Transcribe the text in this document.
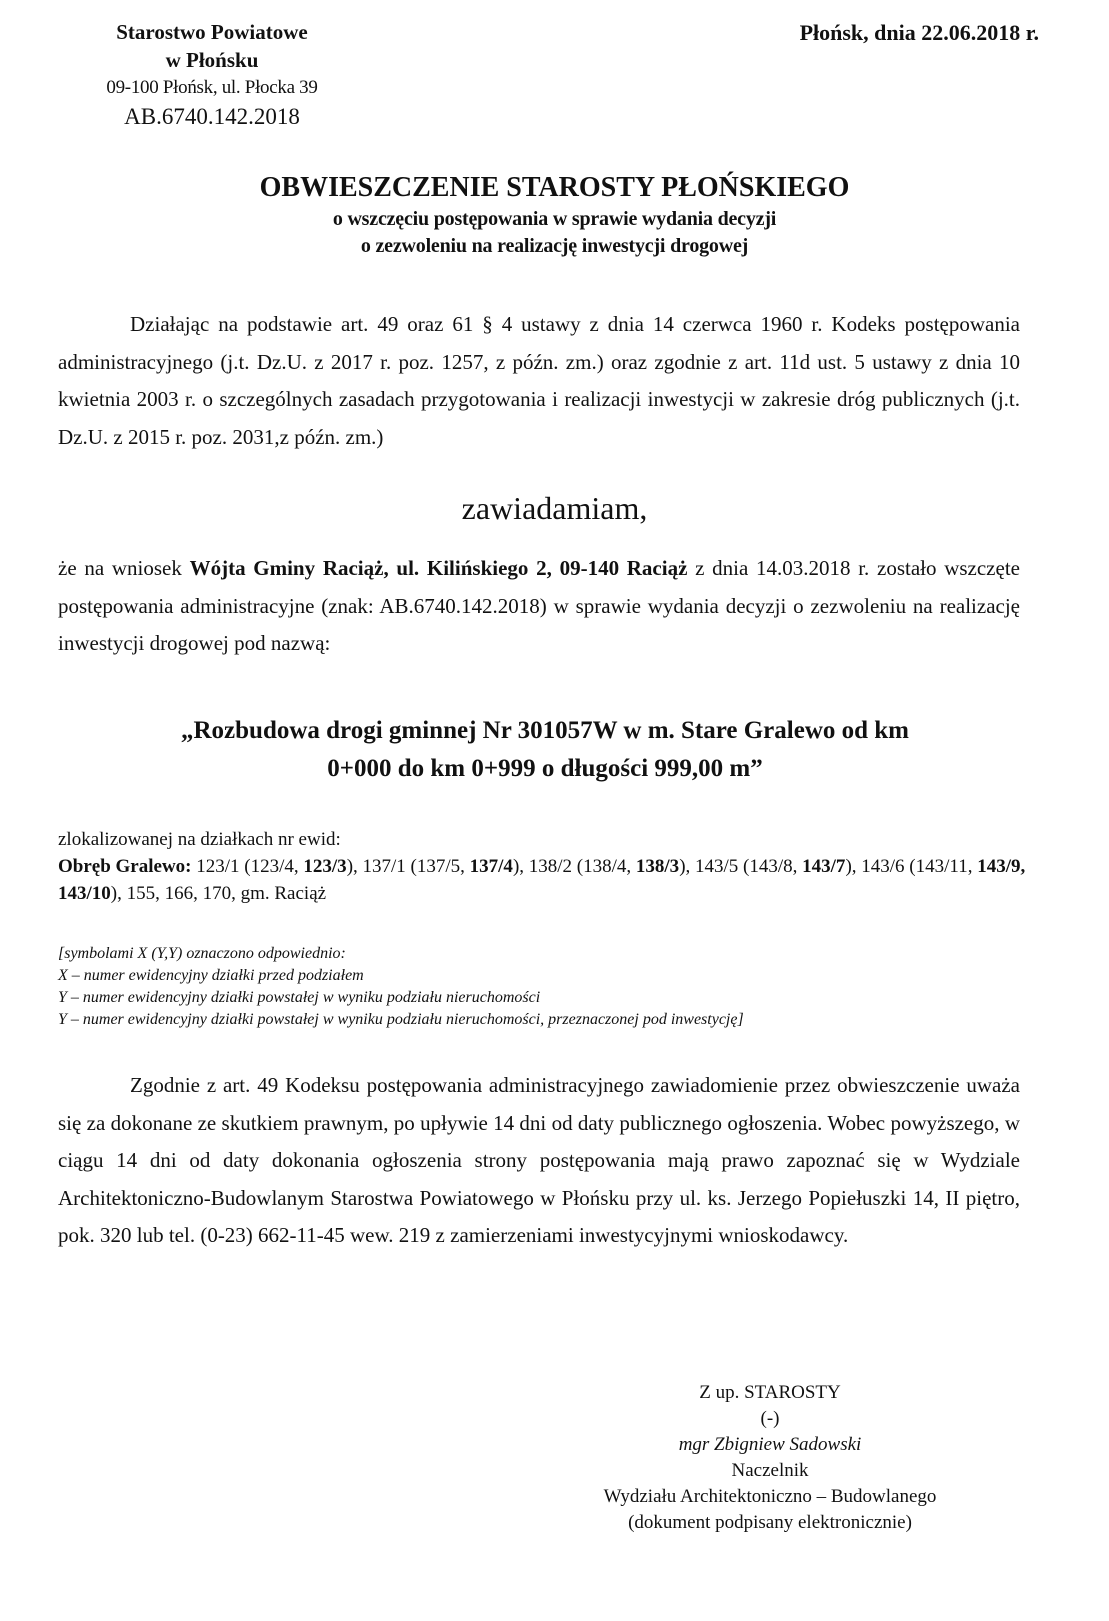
Starostwo Powiatowe
w Płońsku
09-100 Płońsk, ul. Płocka 39
AB.6740.142.2018
Płońsk, dnia 22.06.2018 r.
OBWIESZCZENIE STAROSTY PŁOŃSKIEGO
o wszczęciu postępowania w sprawie wydania decyzji
o zezwoleniu na realizację inwestycji drogowej
Działając na podstawie art. 49 oraz 61 § 4 ustawy z dnia 14 czerwca 1960 r. Kodeks postępowania administracyjnego (j.t. Dz.U. z 2017 r. poz. 1257, z późn. zm.) oraz zgodnie z art. 11d ust. 5 ustawy z dnia 10 kwietnia 2003 r. o szczególnych zasadach przygotowania i realizacji inwestycji w zakresie dróg publicznych (j.t. Dz.U. z 2015 r. poz. 2031,z późn. zm.)
zawiadamiam,
że na wniosek Wójta Gminy Raciąż, ul. Kilińskiego 2, 09-140 Raciąż z dnia 14.03.2018 r. zostało wszczęte postępowania administracyjne (znak: AB.6740.142.2018) w sprawie wydania decyzji o zezwoleniu na realizację inwestycji drogowej pod nazwą:
„Rozbudowa drogi gminnej Nr 301057W w m. Stare Gralewo od km
0+000 do km 0+999 o długości 999,00 m”
zlokalizowanej na działkach nr ewid:
Obręb Gralewo: 123/1 (123/4, 123/3), 137/1 (137/5, 137/4), 138/2 (138/4, 138/3), 143/5 (143/8, 143/7), 143/6 (143/11, 143/9, 143/10), 155, 166, 170, gm. Raciąż
[symbolami X (Y,Y) oznaczono odpowiednio:
X – numer ewidencyjny działki przed podziałem
Y – numer ewidencyjny działki powstałej w wyniku podziału nieruchomości
Y – numer ewidencyjny działki powstałej w wyniku podziału nieruchomości, przeznaczonej pod inwestycję]
Zgodnie z art. 49 Kodeksu postępowania administracyjnego zawiadomienie przez obwieszczenie uważa się za dokonane ze skutkiem prawnym, po upływie 14 dni od daty publicznego ogłoszenia. Wobec powyższego, w ciągu 14 dni od daty dokonania ogłoszenia strony postępowania mają prawo zapoznać się w Wydziale Architektoniczno-Budowlanym Starostwa Powiatowego w Płońsku przy ul. ks. Jerzego Popiełuszki 14, II piętro, pok. 320 lub tel. (0-23) 662-11-45 wew. 219 z zamierzeniami inwestycyjnymi wnioskodawcy.
Z up. STAROSTY
(-)
mgr Zbigniew Sadowski
Naczelnik
Wydziału Architektoniczno – Budowlanego
(dokument podpisany elektronicznie)
